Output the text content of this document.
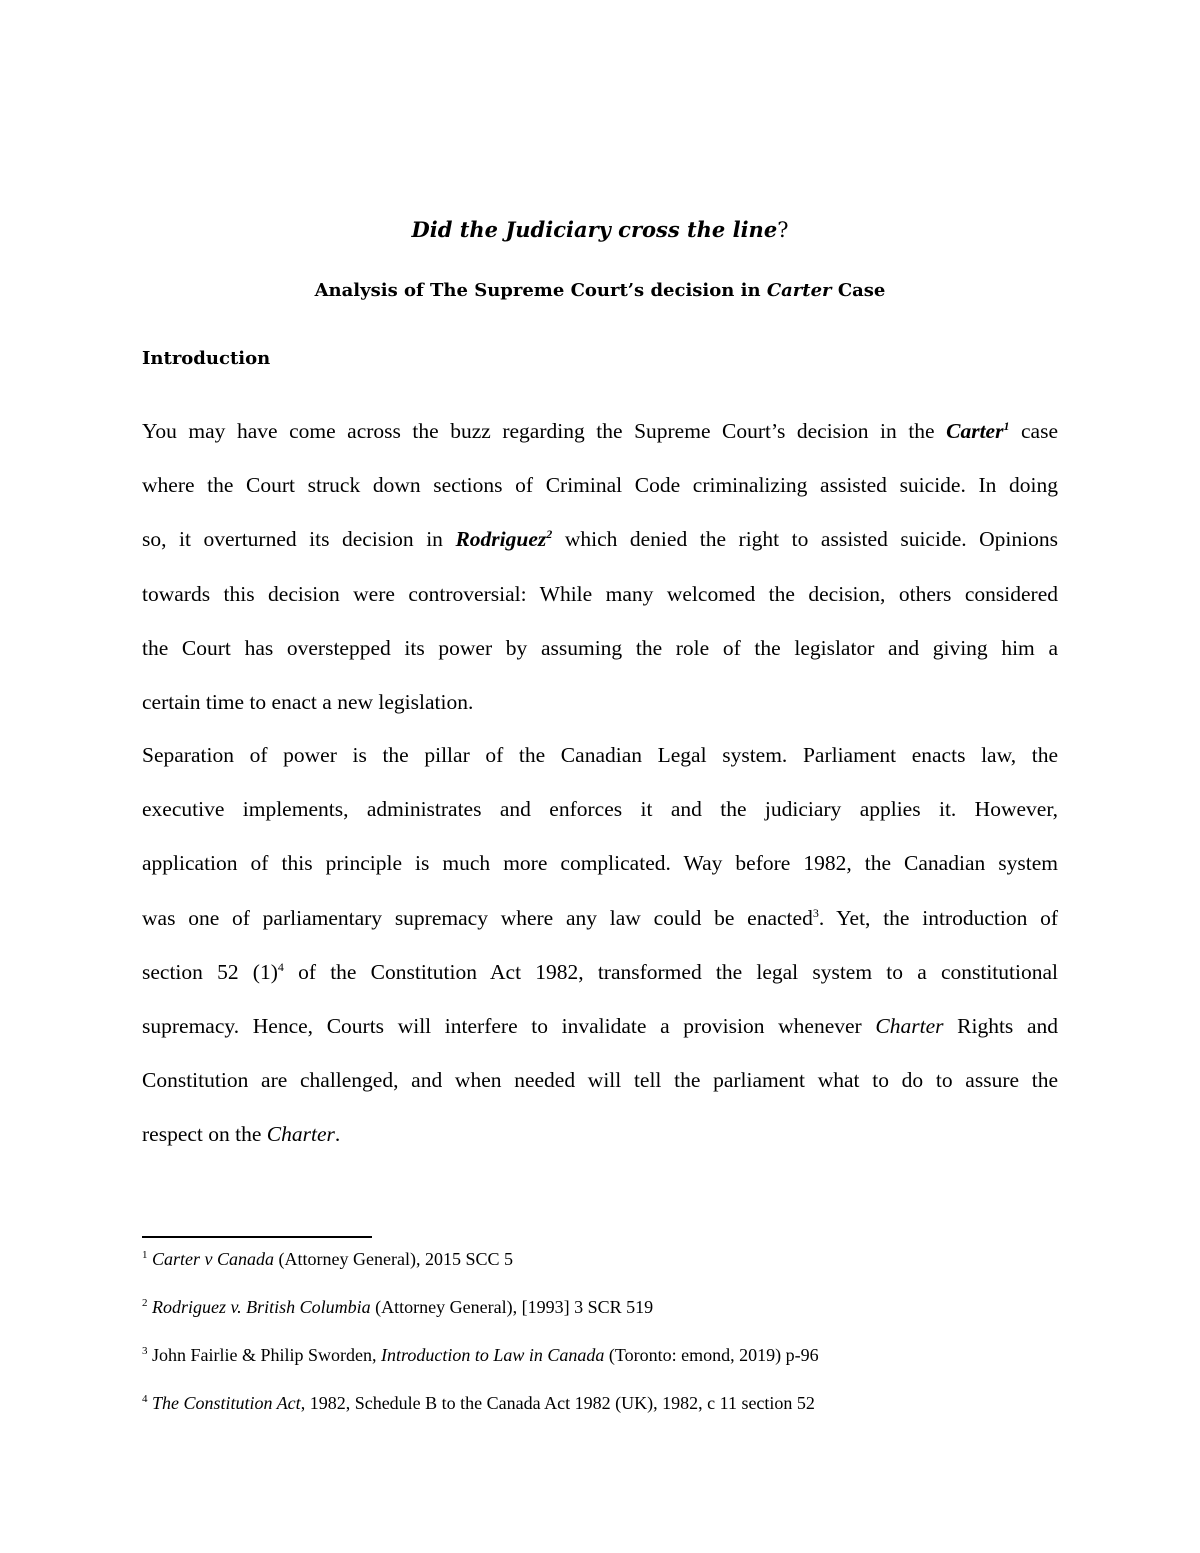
Did the Judiciary cross the line?
Analysis of The Supreme Court’s decision in Carter Case
Introduction
You may have come across the buzz regarding the Supreme Court’s decision in the Carter$^1$ case
where the Court struck down sections of Criminal Code criminalizing assisted suicide. In doing
so, it overturned its decision in Rodriguez$^2$ which denied the right to assisted suicide. Opinions
towards this decision were controversial: While many welcomed the decision, others considered
the Court has overstepped its power by assuming the role of the legislator and giving him a
certain time to enact a new legislation.
Separation of power is the pillar of the Canadian Legal system. Parliament enacts law, the
executive implements, administrates and enforces it and the judiciary applies it. However,
application of this principle is much more complicated. Way before 1982, the Canadian system
was one of parliamentary supremacy where any law could be enacted$^3$. Yet, the introduction of
section 52 $(1)^4$ of the Constitution Act 1982, transformed the legal system to a constitutional
supremacy. Hence, Courts will interfere to invalidate a provision whenever Charter Rights and
Constitution are challenged, and when needed will tell the parliament what to do to assure the
respect on the Charter.
$^1$ Carter v Canada (Attorney General), 2015 SCC 5
$^2$ Rodriguez v. British Columbia (Attorney General), [1993] 3 SCR 519
$^3$ John Fairlie & Philip Sworden, Introduction to Law in Canada (Toronto: emond, 2019) p-96
$^4$ The Constitution Act, 1982, Schedule B to the Canada Act 1982 (UK), 1982, c 11 section 52
